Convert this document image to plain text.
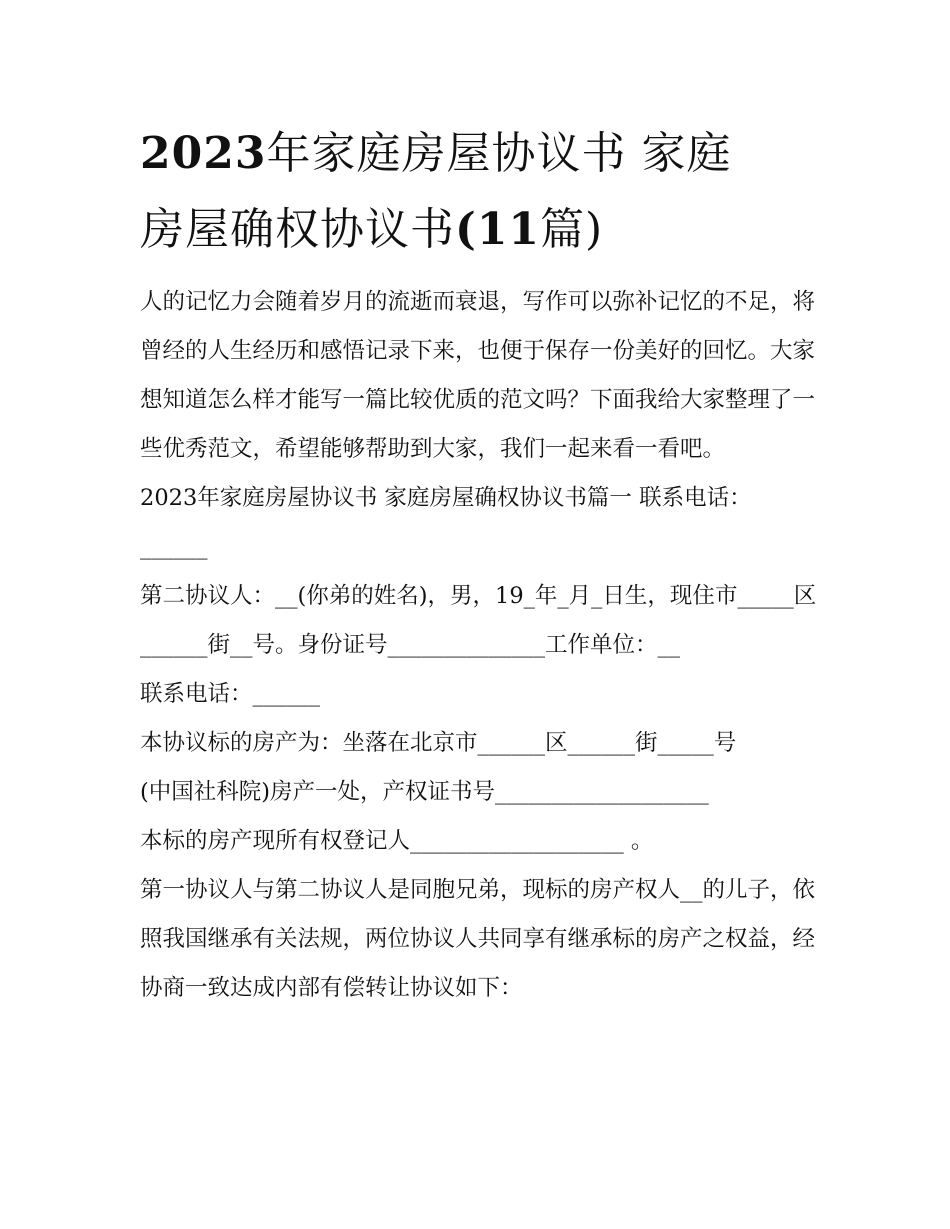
2023年家庭房屋协议书 家庭
房屋确权协议书(11篇)

人的记忆力会随着岁月的流逝而衰退，写作可以弥补记忆的不足，将曾经的人生经历和感悟记录下来，也便于保存一份美好的回忆。大家想知道怎么样才能写一篇比较优质的范文吗？下面我给大家整理了一些优秀范文，希望能够帮助到大家，我们一起来看一看吧。

2023年家庭房屋协议书 家庭房屋确权协议书篇一 联系电话：

______

第二协议人：__(你弟的姓名)，男，19_年_月_日生，现住市_____区______街__号。身份证号______________工作单位：__

联系电话：______

本协议标的房产为：坐落在北京市______区______街_____号

(中国社科院)房产一处，产权证书号___________________

本标的房产现所有权登记人___________________ 。

第一协议人与第二协议人是同胞兄弟，现标的房产权人__的儿子，依照我国继承有关法规，两位协议人共同享有继承标的房产之权益，经协商一致达成内部有偿转让协议如下：
